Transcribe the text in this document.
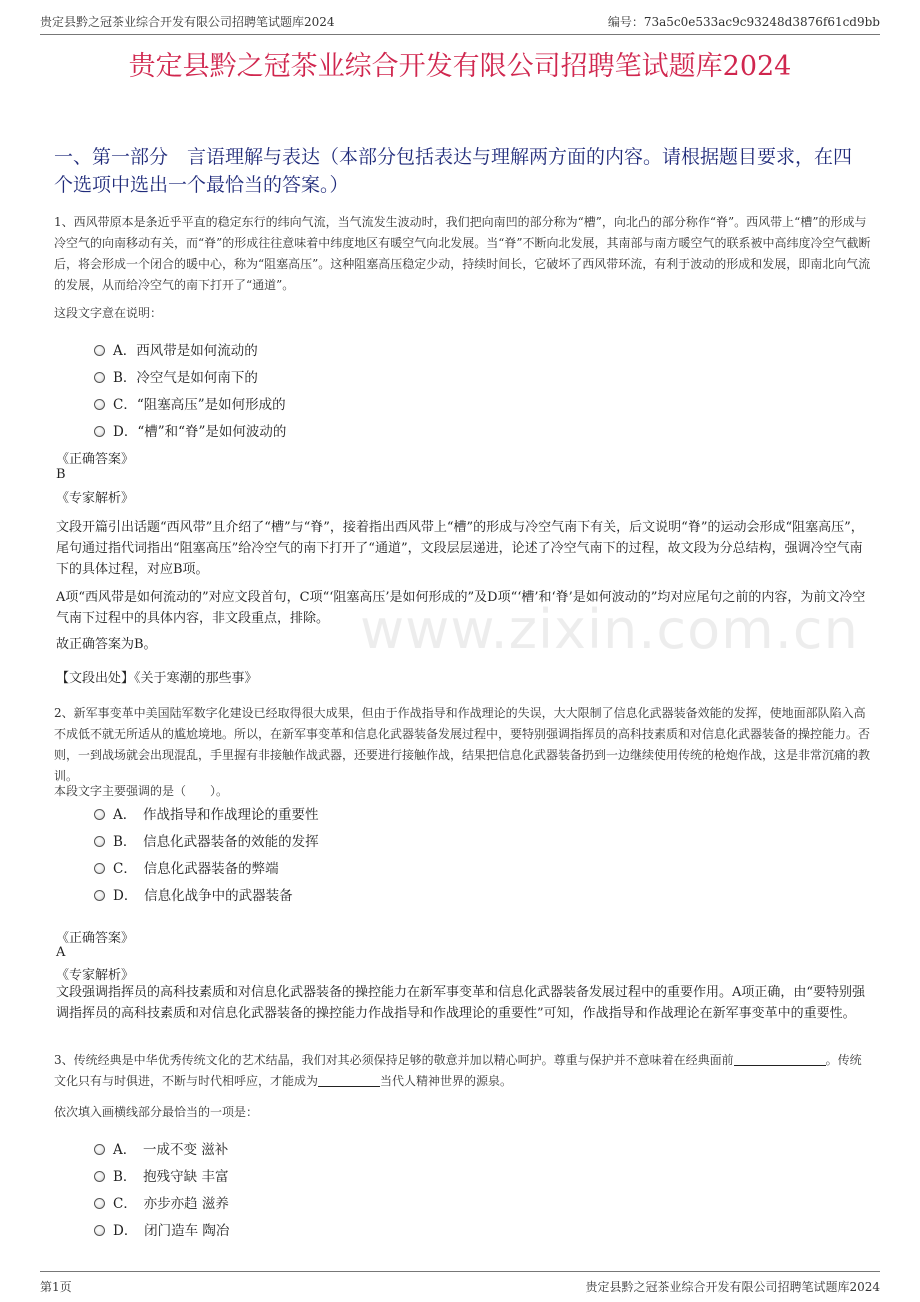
贵定县黔之冠茶业综合开发有限公司招聘笔试题库2024	编号：73a5c0e533ac9c93248d3876f61cd9bb
贵定县黔之冠茶业综合开发有限公司招聘笔试题库2024
一、第一部分　言语理解与表达（本部分包括表达与理解两方面的内容。请根据题目要求，在四个选项中选出一个最恰当的答案。）
www.zixin.com.cn
1、西风带原本是条近乎平直的稳定东行的纬向气流，当气流发生波动时，我们把向南凹的部分称为“槽”，向北凸的部分称作“脊”。西风带上“槽”的形成与冷空气的向南移动有关，而“脊”的形成往往意味着中纬度地区有暖空气向北发展。当“脊”不断向北发展，其南部与南方暖空气的联系被中高纬度冷空气截断后，将会形成一个闭合的暖中心，称为“阻塞高压”。这种阻塞高压稳定少动，持续时间长，它破坏了西风带环流，有利于波动的形成和发展，即南北向气流的发展，从而给冷空气的南下打开了“通道”。
这段文字意在说明：
A．西风带是如何流动的
B．冷空气是如何南下的
C．“阻塞高压”是如何形成的
D．“槽”和“脊”是如何波动的
《正确答案》
B
《专家解析》
文段开篇引出话题“西风带”且介绍了“槽”与“脊”，接着指出西风带上“槽”的形成与冷空气南下有关，后文说明“脊”的运动会形成“阻塞高压”，尾句通过指代词指出“阻塞高压”给冷空气的南下打开了“通道”，文段层层递进，论述了冷空气南下的过程，故文段为分总结构，强调冷空气南下的具体过程，对应B项。
A项“西风带是如何流动的”对应文段首句，C项“‘阻塞高压’是如何形成的”及D项“‘槽’和‘脊’是如何波动的”均对应尾句之前的内容，为前文冷空气南下过程中的具体内容，非文段重点，排除。
故正确答案为B。
【文段出处】《关于寒潮的那些事》
2、新军事变革中美国陆军数字化建设已经取得很大成果，但由于作战指导和作战理论的失误，大大限制了信息化武器装备效能的发挥，使地面部队陷入高不成低不就无所适从的尴尬境地。所以，在新军事变革和信息化武器装备发展过程中，要特别强调指挥员的高科技素质和对信息化武器装备的操控能力。否则，一到战场就会出现混乱，手里握有非接触作战武器，还要进行接触作战，结果把信息化武器装备扔到一边继续使用传统的枪炮作战，这是非常沉痛的教训。
本段文字主要强调的是（　　）。
A．　作战指导和作战理论的重要性
B．　信息化武器装备的效能的发挥
C．　信息化武器装备的弊端
D．　信息化战争中的武器装备
《正确答案》
A
《专家解析》
文段强调指挥员的高科技素质和对信息化武器装备的操控能力在新军事变革和信息化武器装备发展过程中的重要作用。A项正确，由“要特别强调指挥员的高科技素质和对信息化武器装备的操控能力作战指导和作战理论的重要性”可知，作战指导和作战理论在新军事变革中的重要性。
3、传统经典是中华优秀传统文化的艺术结晶，我们对其必须保持足够的敬意并加以精心呵护。尊重与保护并不意味着在经典面前	。传统文化只有与时俱进，不断与时代相呼应，才能成为	当代人精神世界的源泉。
依次填入画横线部分最恰当的一项是：
A．　一成不变 滋补
B．　抱残守缺 丰富
C．　亦步亦趋 滋养
D．　闭门造车 陶冶
第1页	贵定县黔之冠茶业综合开发有限公司招聘笔试题库2024
